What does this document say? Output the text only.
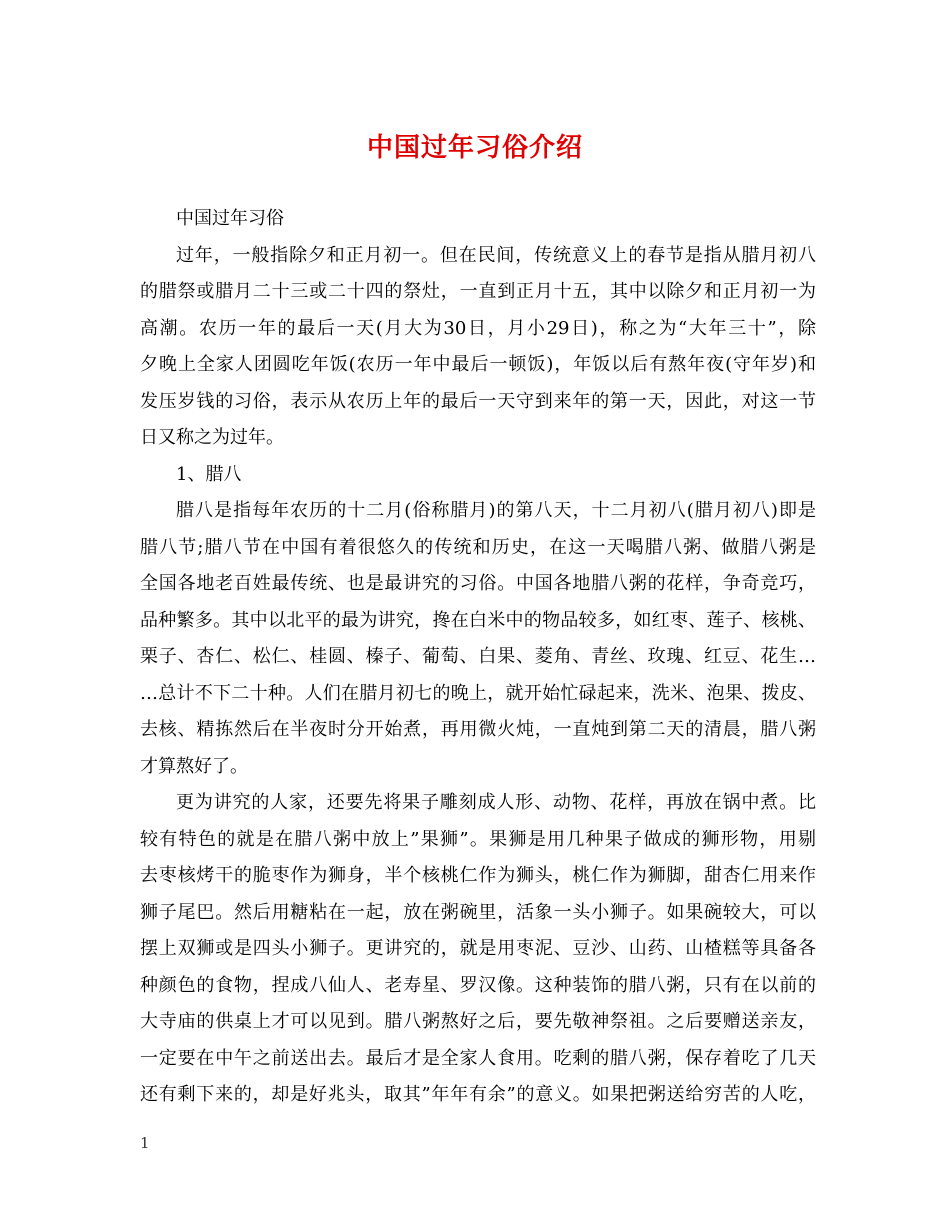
中国过年习俗介绍
中国过年习俗
过年，一般指除夕和正月初一。但在民间，传统意义上的春节是指从腊月初八
的腊祭或腊月二十三或二十四的祭灶，一直到正月十五，其中以除夕和正月初一为
高潮。农历一年的最后一天(月大为30日，月小29日)，称之为“大年三十”，除
夕晚上全家人团圆吃年饭(农历一年中最后一顿饭)，年饭以后有熬年夜(守年岁)和
发压岁钱的习俗，表示从农历上年的最后一天守到来年的第一天，因此，对这一节
日又称之为过年。
1、腊八
腊八是指每年农历的十二月(俗称腊月)的第八天，十二月初八(腊月初八)即是
腊八节;腊八节在中国有着很悠久的传统和历史，在这一天喝腊八粥、做腊八粥是
全国各地老百姓最传统、也是最讲究的习俗。中国各地腊八粥的花样，争奇竞巧，
品种繁多。其中以北平的最为讲究，搀在白米中的物品较多，如红枣、莲子、核桃、
栗子、杏仁、松仁、桂圆、榛子、葡萄、白果、菱角、青丝、玫瑰、红豆、花生…
…总计不下二十种。人们在腊月初七的晚上，就开始忙碌起来，洗米、泡果、拨皮、
去核、精拣然后在半夜时分开始煮，再用微火炖，一直炖到第二天的清晨，腊八粥
才算熬好了。
更为讲究的人家，还要先将果子雕刻成人形、动物、花样，再放在锅中煮。比
较有特色的就是在腊八粥中放上”果狮”。果狮是用几种果子做成的狮形物，用剔
去枣核烤干的脆枣作为狮身，半个核桃仁作为狮头，桃仁作为狮脚，甜杏仁用来作
狮子尾巴。然后用糖粘在一起，放在粥碗里，活象一头小狮子。如果碗较大，可以
摆上双狮或是四头小狮子。更讲究的，就是用枣泥、豆沙、山药、山楂糕等具备各
种颜色的食物，捏成八仙人、老寿星、罗汉像。这种装饰的腊八粥，只有在以前的
大寺庙的供桌上才可以见到。腊八粥熬好之后，要先敬神祭祖。之后要赠送亲友，
一定要在中午之前送出去。最后才是全家人食用。吃剩的腊八粥，保存着吃了几天
还有剩下来的，却是好兆头，取其”年年有余”的意义。如果把粥送给穷苦的人吃，
1
